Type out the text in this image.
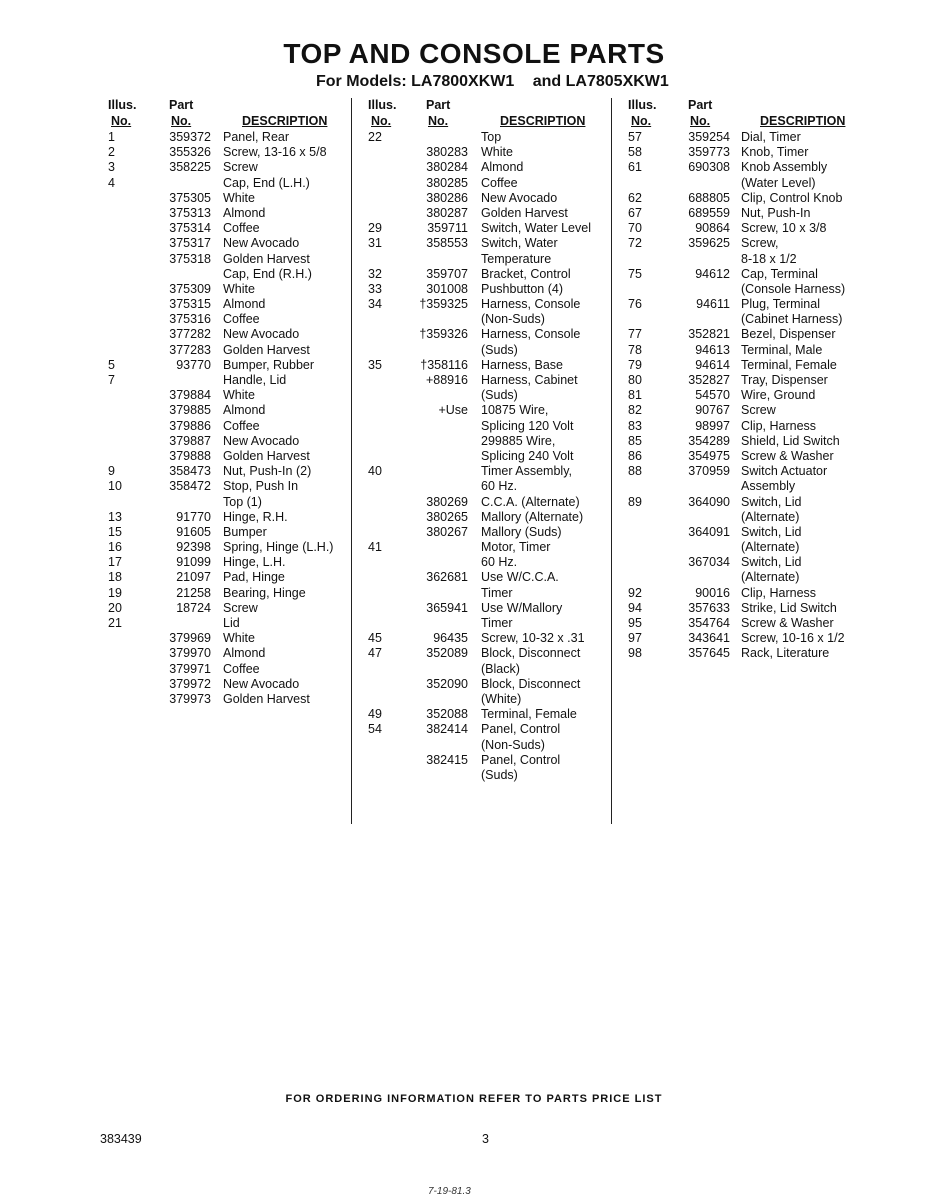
TOP AND CONSOLE PARTS
For Models: LA7800XKW1 and LA7805XKW1
Illus.
No.
Part
No.	DESCRIPTION
1	359372 Panel, Rear
2	355326 Screw, 13-16 x 5/8
3	358225 Screw
4	Cap, End (L.H.)
375305 White
375313 Almond
375314 Coffee
375317 New Avocado
375318 Golden Harvest
Cap, End (R.H.)
375309 White
375315 Almond
375316 Coffee
377282 New Avocado
377283 Golden Harvest
5	93770 Bumper, Rubber
7	Handle, Lid
379884 White
379885 Almond
379886 Coffee
379887 New Avocado
379888 Golden Harvest
9	358473 Nut, Push-In (2)
10	358472 Stop, Push In
Top (1)
13	91770 Hinge, R.H.
15	91605 Bumper
16	92398 Spring, Hinge (L.H.)
17	91099 Hinge, L.H.
18	21097 Pad, Hinge
19	21258 Bearing, Hinge
20	18724 Screw
21	Lid
379969 White
379970 Almond
379971 Coffee
379972 New Avocado
379973 Golden Harvest
Illus.
No.
Part
No.	DESCRIPTION
22	Top
380283 White
380284 Almond
380285 Coffee
380286 New Avocado
380287 Golden Harvest
29	359711 Switch, Water Level
31	358553 Switch, Water
Temperature
32	359707 Bracket, Control
33	301008 Pushbutton (4)
34	†359325 Harness, Console
(Non-Suds)
†359326 Harness, Console
(Suds)
35	†358116 Harness, Base
+88916 Harness, Cabinet
(Suds)
+Use 10875 Wire,
Splicing 120 Volt
299885 Wire,
Splicing 240 Volt
40	Timer Assembly,
60 Hz.
380269 C.C.A. (Alternate)
380265 Mallory (Alternate)
380267 Mallory (Suds)
41	Motor, Timer
60 Hz.
362681 Use W/C.C.A.
Timer
365941 Use W/Mallory
Timer
45	96435 Screw, 10-32 x .31
47	352089 Block, Disconnect
(Black)
352090 Block, Disconnect
(White)
49	352088 Terminal, Female
54	382414 Panel, Control
(Non-Suds)
382415 Panel, Control
(Suds)
Illus.
No.
Part
No.	DESCRIPTION
57	359254 Dial, Timer
58	359773 Knob, Timer
61	690308 Knob Assembly
(Water Level)
62	688805 Clip, Control Knob
67	689559 Nut, Push-In
70	90864 Screw, 10 x 3/8
72	359625 Screw,
8-18 x 1/2
75	94612 Cap, Terminal
(Console Harness)
76	94611 Plug, Terminal
(Cabinet Harness)
77	352821 Bezel, Dispenser
78	94613 Terminal, Male
79	94614 Terminal, Female
80	352827 Tray, Dispenser
81	54570 Wire, Ground
82	90767 Screw
83	98997 Clip, Harness
85	354289 Shield, Lid Switch
86	354975 Screw & Washer
88	370959 Switch Actuator
Assembly
89	364090 Switch, Lid
(Alternate)
364091 Switch, Lid
(Alternate)
367034 Switch, Lid
(Alternate)
92	90016 Clip, Harness
94	357633 Strike, Lid Switch
95	354764 Screw & Washer
97	343641 Screw, 10-16 x 1/2
98	357645 Rack, Literature
FOR ORDERING INFORMATION REFER TO PARTS PRICE LIST
383439	3
7-19-81.3
